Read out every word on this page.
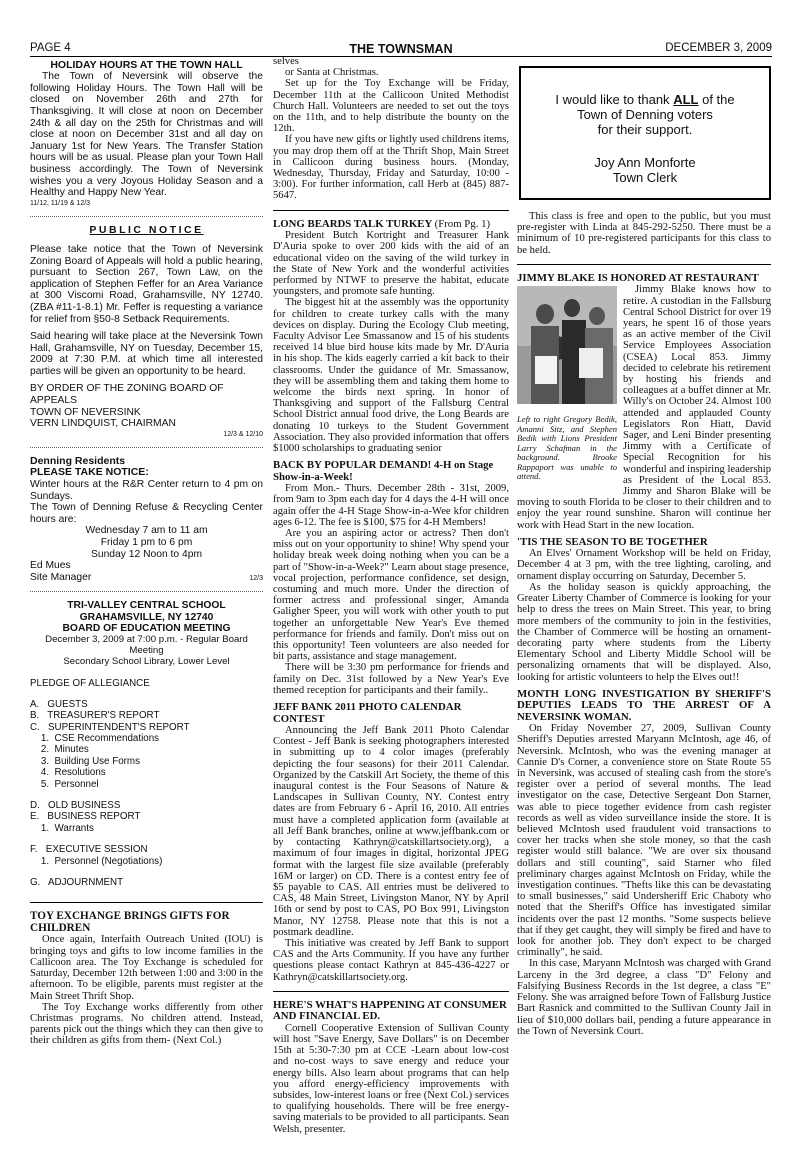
PAGE 4	THE TOWNSMAN	DECEMBER 3, 2009

HOLIDAY HOURS AT THE TOWN HALL

The Town of Neversink will observe the following Holiday Hours. The Town Hall will be closed on November 26th and 27th for Thanksgiving. It will close at noon on December 24th & all day on the 25th for Christmas and will close at noon on December 31st and all day on January 1st for New Years. The Transfer Station hours will be as usual. Please plan your Town Hall business accordingly. The Town of Neversink wishes you a very Joyous Holiday Season and a Healthy and Happy New Year.

11/12, 11/19 & 12/3

PUBLIC NOTICE

Please take notice that the Town of Neversink Zoning Board of Appeals will hold a public hearing, pursuant to Section 267, Town Law, on the application of Stephen Feffer for an Area Variance at 300 Viscomi Road, Grahamsville, NY 12740. (ZBA #11-1-8.1) Mr. Feffer is requesting a variance for relief from §50-8 Setback Requirements.

Said hearing will take place at the Neversink Town Hall, Grahamsville, NY on Tuesday, December 15, 2009 at 7:30 P.M. at which time all interested parties will be given an opportunity to be heard.

BY ORDER OF THE ZONING BOARD OF APPEALS

TOWN OF NEVERSINK

VERN LINDQUIST, CHAIRMAN

12/3 & 12/10

Denning Residents

PLEASE TAKE NOTICE:

Winter hours at the R&R Center return to 4 pm on Sundays.

The Town of Denning Refuse & Recycling Center hours are:

Wednesday 7 am to 11 am

Friday 1 pm to 6 pm

Sunday 12 Noon to 4pm

Ed Mues

Site Manager	12/3

TRI-VALLEY CENTRAL SCHOOL

GRAHAMSVILLE, NY 12740

BOARD OF EDUCATION MEETING

December 3, 2009 at 7:00 p.m. - Regular Board Meeting

Secondary School Library, Lower Level

PLEDGE OF ALLEGIANCE

A.   GUESTS
B.   TREASURER'S REPORT
C.   SUPERINTENDENT'S REPORT
1.  CSE Recommendations
2.  Minutes
3.  Building Use Forms
4.  Resolutions
5.  Personnel
D.   OLD BUSINESS
E.   BUSINESS REPORT
1.  Warrants
F.   EXECUTIVE SESSION
1.  Personnel (Negotiations)
G.   ADJOURNMENT

TOY EXCHANGE BRINGS GIFTS FOR CHILDREN

Once again, Interfaith Outreach United (IOU) is bringing toys and gifts to low income families in the Callicoon area. The Toy Exchange is scheduled for Saturday, December 12th between 1:00 and 3:00 in the afternoon. To be eligible, parents must register at the Main Street Thrift Shop.

The Toy Exchange works differently from other Christmas programs. No children attend. Instead, parents pick out the things which they can then give to their children as gifts from them- (Next Col.)

selves

or Santa at Christmas.

Set up for the Toy Exchange will be Friday, December 11th at the Callicoon United Methodist Church Hall. Volunteers are needed to set out the toys on the 11th, and to help distribute the bounty on the 12th.

If you have new gifts or lightly used childrens items, you may drop them off at the Thrift Shop, Main Street in Callicoon during business hours. (Monday, Wednesday, Thursday, Friday and Saturday, 10:00 - 3:00). For further information, call Herb at (845) 887-5647.

LONG BEARDS TALK TURKEY (From Pg. 1)

President Butch Kortright and Treasurer Hank D'Auria spoke to over 200 kids with the aid of an educational video on the saving of the wild turkey in the State of New York and the wonderful activities performed by NTWF to preserve the habitat, educate youngsters, and promote safe hunting.

The biggest hit at the assembly was the opportunity for children to create turkey calls with the many devices on display. During the Ecology Club meeting, Faculty Advisor Lee Smassanow and 15 of his students received 14 blue bird house kits made by Mr. D'Auria in his shop. The kids eagerly carried a kit back to their classrooms. Under the guidance of Mr. Smassanow, they will be assembling them and taking them home to welcome the birds next spring. In honor of Thanksgiving and support of the Fallsburg Central School District annual food drive, the Long Beards are donating 10 turkeys to the Student Government Association. They also provided information that offers $1000 scholarships to graduating senior

BACK BY POPULAR DEMAND! 4-H on Stage Show-in-a-Week!

From Mon.- Thurs. December 28th - 31st, 2009, from 9am to 3pm each day for 4 days the 4-H will once again offer the 4-H Stage Show-in-a-Wee kfor children ages 6-12. The fee is $100, $75 for 4-H Members!

Are you an aspiring actor or actress? Then don't miss out on your opportunity to shine! Why spend your holiday break week doing nothing when you can be a part of "Show-in-a-Week?" Learn about stage presence, vocal projection, performance confidence, set design, costuming and much more. Under the direction of former actress and professional singer, Amanda Galigher Speer, you will work with other youth to put together an unforgettable New Year's Eve themed performance for friends and family. Don't miss out on this opportunity! Teen volunteers are also needed for bit parts, assistance and stage management.

There will be 3:30 pm performance for friends and family on Dec. 31st followed by a New Year's Eve themed reception for participants and their family..

JEFF BANK 2011 PHOTO CALENDAR CONTEST

Announcing the Jeff Bank 2011 Photo Calendar Contest - Jeff Bank is seeking photographers interested in submitting up to 4 color images (preferably depicting the four seasons) for their 2011 Calendar. Organized by the Catskill Art Society, the theme of this inaugural contest is the Four Seasons of Nature & Landscapes in Sullivan County, NY. Contest entry dates are from February 6 - April 16, 2010. All entries must have a completed application form (available at all Jeff Bank branches, online at www.jeffbank.com or by contacting Kathryn@catskillartsociety.org), a maximum of four images in digital, horizontal JPEG format with the largest file size available (preferably 16M or larger) on CD. There is a contest entry fee of $5 payable to CAS. All entries must be delivered to CAS, 48 Main Street, Livingston Manor, NY by April 16th or send by post to CAS, PO Box 991, Livingston Manor, NY 12758. Please note that this is not a postmark deadline.

This initiative was created by Jeff Bank to support CAS and the Arts Community. If you have any further questions please contact Kathryn at 845-436-4227 or Kathryn@catskillartsociety.org.

HERE'S WHAT'S HAPPENING AT CONSUMER AND FINANCIAL ED.

Cornell Cooperative Extension of Sullivan County will host "Save Energy, Save Dollars" is on December 15th at 5:30-7:30 pm at CCE -Learn about low-cost and no-cost ways to save energy and reduce your energy bills. Also learn about programs that can help you afford energy-efficiency improvements with subsides, low-interest loans or free (Next Col.) services to qualifying households. There will be free energy-saving materials to be provided to all participants. Sean Welsh, presenter.

I would like to thank ALL of the
Town of Denning voters
for their support.
Joy Ann Monforte
Town Clerk

This class is free and open to the public, but you must pre-register with Linda at 845-292-5250. There must be a minimum of 10 pre-registered participants for this class to be held.

JIMMY BLAKE IS HONORED AT RESTAURANT

Left to right Gregory Bedik, Amanni Sitz, and Stephen Bedik with Lions President Larry Schafman in the background. Brooke Rappaport was unable to attend.

Jimmy Blake knows how to retire. A custodian in the Fallsburg Central School District for over 19 years, he spent 16 of those years as an active member of the Civil Service Employees Association (CSEA) Local 853. Jimmy decided to celebrate his retirement by hosting his friends and colleagues at a buffet dinner at Mr. Willy's on October 24. Almost 100 attended and applauded County Legislators Ron Hiatt, David Sager, and Leni Binder presenting Jimmy with a Certificate of Special Recognition for his wonderful and inspiring leadership as President of the Local 853. Jimmy and Sharon Blake will be moving to south Florida to be closer to their children and to enjoy the year round sunshine. Sharon will continue her work with Head Start in the new location.

'TIS THE SEASON TO BE TOGETHER

An Elves' Ornament Workshop will be held on Friday, December 4 at 3 pm, with the tree lighting, caroling, and ornament display occurring on Saturday, December 5.

As the holiday season is quickly approaching, the Greater Liberty Chamber of Commerce is looking for your help to dress the trees on Main Street. This year, to bring more members of the community to join in the festivities, the Chamber of Commerce will be hosting an ornament-decorating party where students from the Liberty Elementary School and Liberty Middle School will be personalizing ornaments that will be displayed. Also, looking for artistic volunteers to help the Elves out!!

MONTH LONG INVESTIGATION BY SHERIFF'S DEPUTIES LEADS TO THE ARREST OF A NEVERSINK WOMAN.

On Friday November 27, 2009, Sullivan County Sheriff's Deputies arrested Maryann McIntosh, age 46, of Neversink. McIntosh, who was the evening manager at Cannie D's Corner, a convenience store on State Route 55 in Neversink, was accused of stealing cash from the store's register over a period of several months. The lead investigator on the case, Detective Sergeant Don Starner, was able to piece together evidence from cash register records as well as video surveillance inside the store. It is believed McIntosh used fraudulent void transactions to cover her tracks when she stole money, so that the cash register would still balance. "We are over six thousand dollars and still counting", said Starner who filed preliminary charges against McIntosh on Friday, while the investigation continues. "Thefts like this can be devastating to small businesses," said Undersheriff Eric Chaboty who noted that the Sheriff's Office has investigated similar incidents over the past 12 months. "Some suspects believe that if they get caught, they will simply be fired and have to look for another job. They don't expect to be charged criminally", he said.

In this case, Maryann McIntosh was charged with Grand Larceny in the 3rd degree, a class "D" Felony and Falsifying Business Records in the 1st degree, a class "E" Felony. She was arraigned before Town of Fallsburg Justice Bart Rasnick and committed to the Sullivan County Jail in lieu of $10,000 dollars bail, pending a future appearance in the Town of Neversink Court.
